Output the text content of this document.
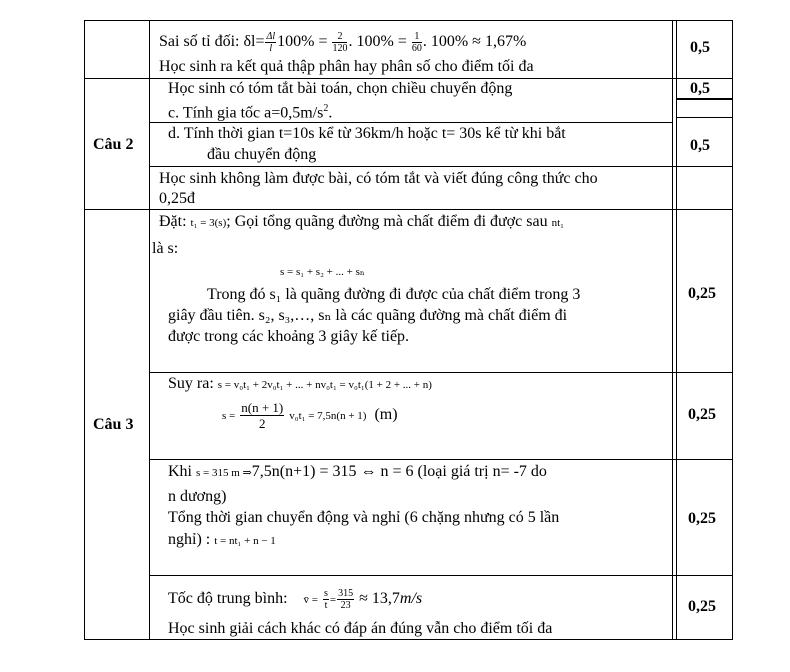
Sai số tỉ đối: $\delta l= \frac{\Delta l}{l} 100\% = \frac{2}{120}$ . $100\% = \frac{1}{60}$ . 100% ≈ 1,67%
Học sinh ra kết quả thập phân hay phân số cho điểm tối đa
0,5
Câu 2
Học sinh có tóm tắt bài toán, chọn chiều chuyển động	0,5
c. Tính gia tốc $a=0,5m/s^2$.
d. Tính thời gian t=10s kể từ 36km/h hoặc t= 30s kể từ khi bắt
đầu chuyển động
0,5
Học sinh không làm được bài, có tóm tắt và viết đúng công thức cho
0,25đ
Câu 3
Đặt: t₁ = 3(s); Gọi tổng quãng đường mà chất điểm đi được sau nt₁
là s:
s = s₁ + s₂ + ... + sₙ
Trong đó s₁ là quãng đường đi được của chất điểm trong 3
giây đầu tiên. s₂, s₃,…, sₙ là các quãng đường mà chất điểm đi
được trong các khoảng 3 giây kế tiếp.
0,25
Suy ra: s = v₀t₁ + 2v₀t₁ + ... + nv₀t₁ = v₀t₁(1 + 2 + ... + n)
$s = \frac{n(n + 1)}{2} v_0t_1 = 7,5n(n + 1)$ (m)	0,25
Khi s = 315 m ⇒7,5n(n+1) = 315 ⇔ n = 6 (loại giá trị n= -7 do
n dương)
Tổng thời gian chuyển động và nghỉ (6 chặng nhưng có 5 lần
nghỉ) : t = nt₁ + n − 1
0,25
Tốc độ trung bình: v̄ = $\frac{s}{t} = \frac{315}{23} \approx 13,7m/s$
Học sinh giải cách khác có đáp án đúng vẫn cho điểm tối đa
0,25
